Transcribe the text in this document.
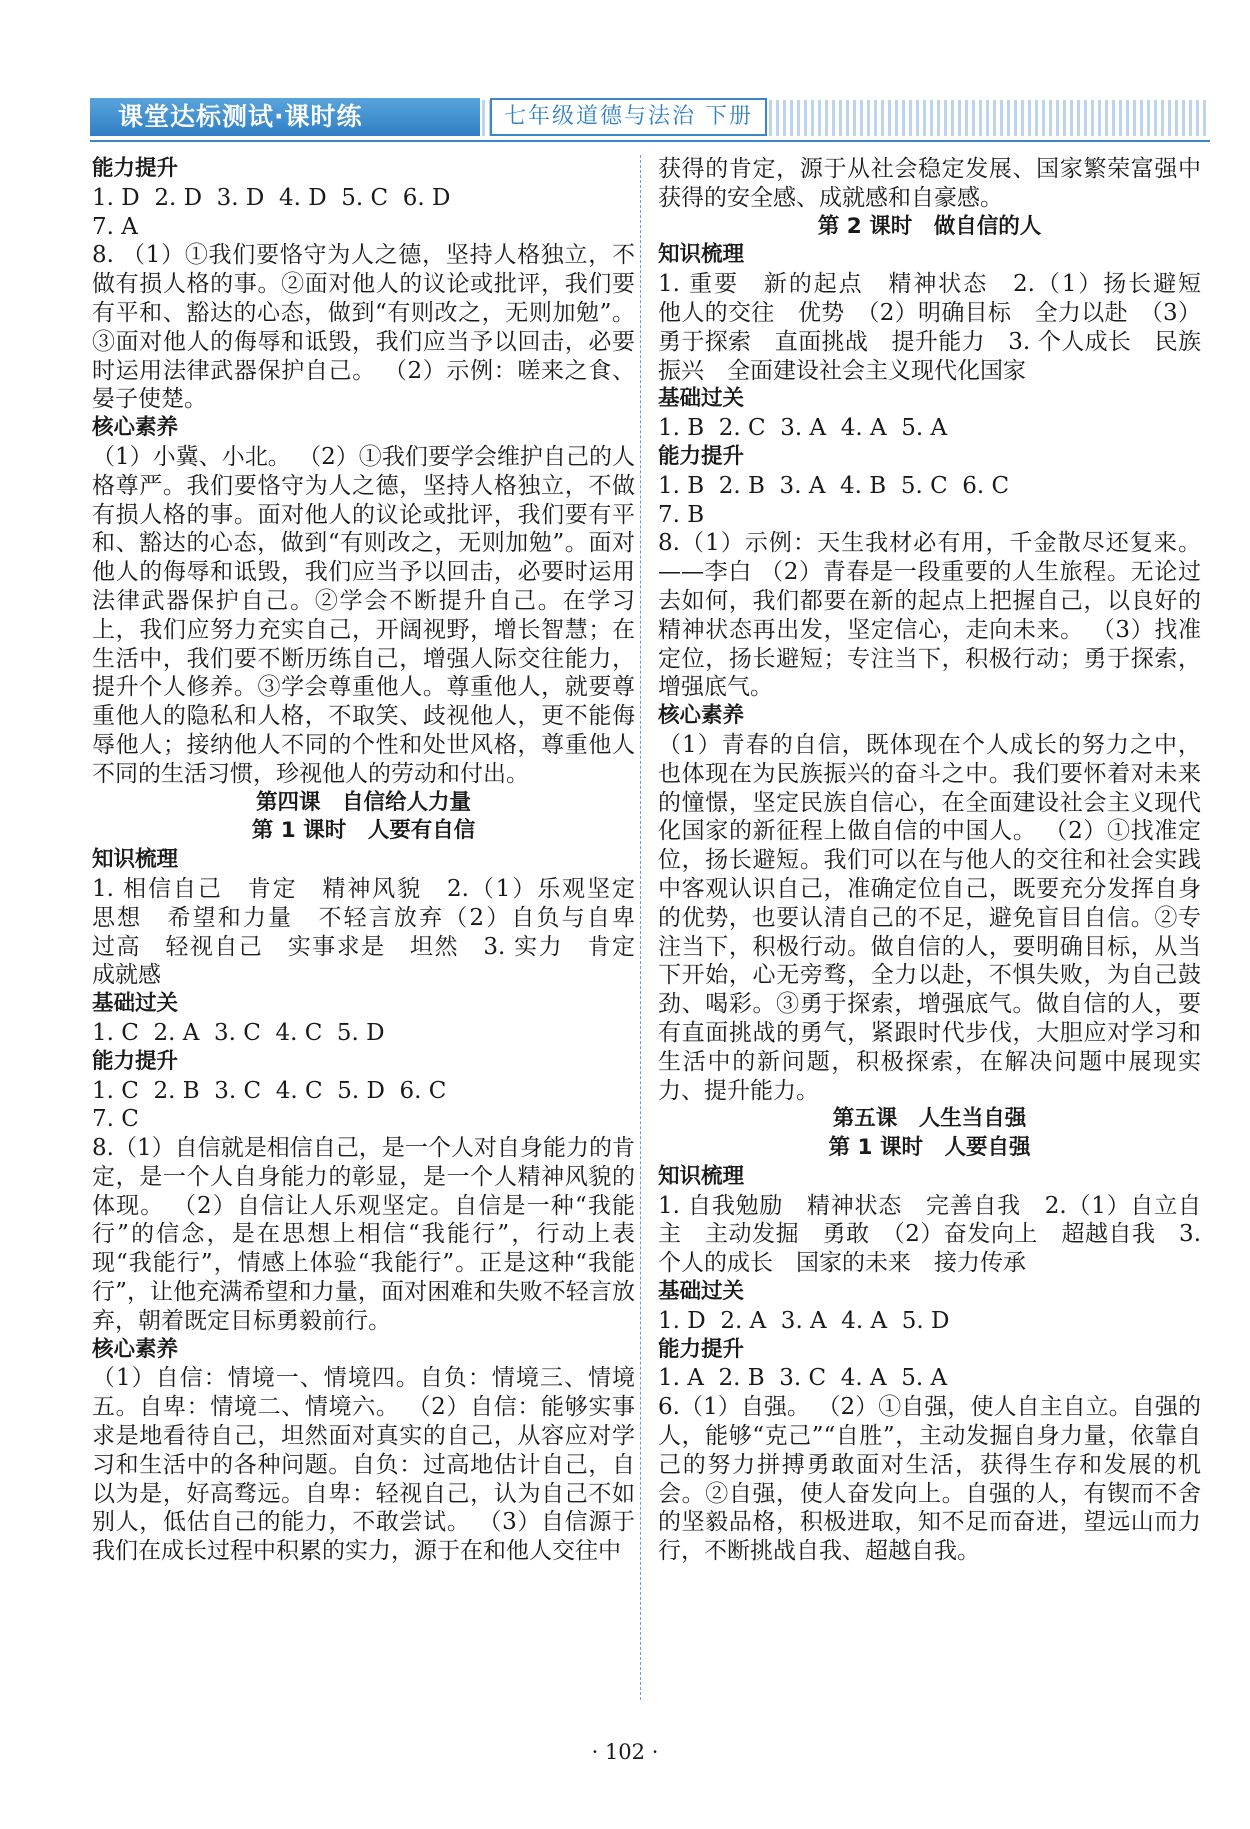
课堂达标测试·课时练	七年级道德与法治 下册
能力提升
1. D  2. D  3. D  4. D  5. C  6. D
7. A
8. （1）①我们要恪守为人之德，坚持人格独立，不做有损人格的事。②面对他人的议论或批评，我们要有平和、豁达的心态，做到“有则改之，无则加勉”。③面对他人的侮辱和诋毁，我们应当予以回击，必要时运用法律武器保护自己。 （2）示例：嗟来之食、晏子使楚。
核心素养
（1）小冀、小北。 （2）①我们要学会维护自己的人格尊严。我们要恪守为人之德，坚持人格独立，不做有损人格的事。面对他人的议论或批评，我们要有平和、豁达的心态，做到“有则改之，无则加勉”。面对他人的侮辱和诋毁，我们应当予以回击，必要时运用法律武器保护自己。②学会不断提升自己。在学习上，我们应努力充实自己，开阔视野，增长智慧；在生活中，我们要不断历练自己，增强人际交往能力，提升个人修养。③学会尊重他人。尊重他人，就要尊重他人的隐私和人格，不取笑、歧视他人，更不能侮辱他人；接纳他人不同的个性和处世风格，尊重他人不同的生活习惯，珍视他人的劳动和付出。
第四课　自信给人力量
第 1 课时　人要有自信
知识梳理
1. 相信自己　肯定　精神风貌　2.（1）乐观坚定　思想　希望和力量　不轻言放弃（2）自负与自卑　过高　轻视自己　实事求是　坦然　3. 实力　肯定　成就感
基础过关
1. C  2. A  3. C  4. C  5. D
能力提升
1. C  2. B  3. C  4. C  5. D  6. C
7. C
8.（1）自信就是相信自己，是一个人对自身能力的肯定，是一个人自身能力的彰显，是一个人精神风貌的体现。 （2）自信让人乐观坚定。自信是一种“我能行”的信念，是在思想上相信“我能行”，行动上表现“我能行”，情感上体验“我能行”。正是这种“我能行”，让他充满希望和力量，面对困难和失败不轻言放弃，朝着既定目标勇毅前行。
核心素养
（1）自信：情境一、情境四。自负：情境三、情境五。自卑：情境二、情境六。 （2）自信：能够实事求是地看待自己，坦然面对真实的自己，从容应对学习和生活中的各种问题。自负：过高地估计自己，自以为是，好高骛远。自卑：轻视自己，认为自己不如别人，低估自己的能力，不敢尝试。 （3）自信源于我们在成长过程中积累的实力，源于在和他人交往中
获得的肯定，源于从社会稳定发展、国家繁荣富强中获得的安全感、成就感和自豪感。
第 2 课时　做自信的人
知识梳理
1. 重要　新的起点　精神状态　2.（1）扬长避短　他人的交往　优势　（2）明确目标　全力以赴　（3）勇于探索　直面挑战　提升能力　3. 个人成长　民族振兴　全面建设社会主义现代化国家
基础过关
1. B  2. C  3. A  4. A  5. A
能力提升
1. B  2. B  3. A  4. B  5. C  6. C
7. B
8.（1）示例：天生我材必有用，千金散尽还复来。——李白 （2）青春是一段重要的人生旅程。无论过去如何，我们都要在新的起点上把握自己，以良好的精神状态再出发，坚定信心，走向未来。 （3）找准定位，扬长避短；专注当下，积极行动；勇于探索，增强底气。
核心素养
（1）青春的自信，既体现在个人成长的努力之中，也体现在为民族振兴的奋斗之中。我们要怀着对未来的憧憬，坚定民族自信心，在全面建设社会主义现代化国家的新征程上做自信的中国人。 （2）①找准定位，扬长避短。我们可以在与他人的交往和社会实践中客观认识自己，准确定位自己，既要充分发挥自身的优势，也要认清自己的不足，避免盲目自信。②专注当下，积极行动。做自信的人，要明确目标，从当下开始，心无旁骛，全力以赴，不惧失败，为自己鼓劲、喝彩。③勇于探索，增强底气。做自信的人，要有直面挑战的勇气，紧跟时代步伐，大胆应对学习和生活中的新问题，积极探索，在解决问题中展现实力、提升能力。
第五课　人生当自强
第 1 课时　人要自强
知识梳理
1. 自我勉励　精神状态　完善自我　2.（1）自立自主　主动发掘　勇敢　（2）奋发向上　超越自我　3. 个人的成长　国家的未来　接力传承
基础过关
1. D  2. A  3. A  4. A  5. D
能力提升
1. A  2. B  3. C  4. A  5. A
6.（1）自强。 （2）①自强，使人自主自立。自强的人，能够“克己”“自胜”，主动发掘自身力量，依靠自己的努力拼搏勇敢面对生活，获得生存和发展的机会。②自强，使人奋发向上。自强的人，有锲而不舍的坚毅品格，积极进取，知不足而奋进，望远山而力行，不断挑战自我、超越自我。
· 102 ·
